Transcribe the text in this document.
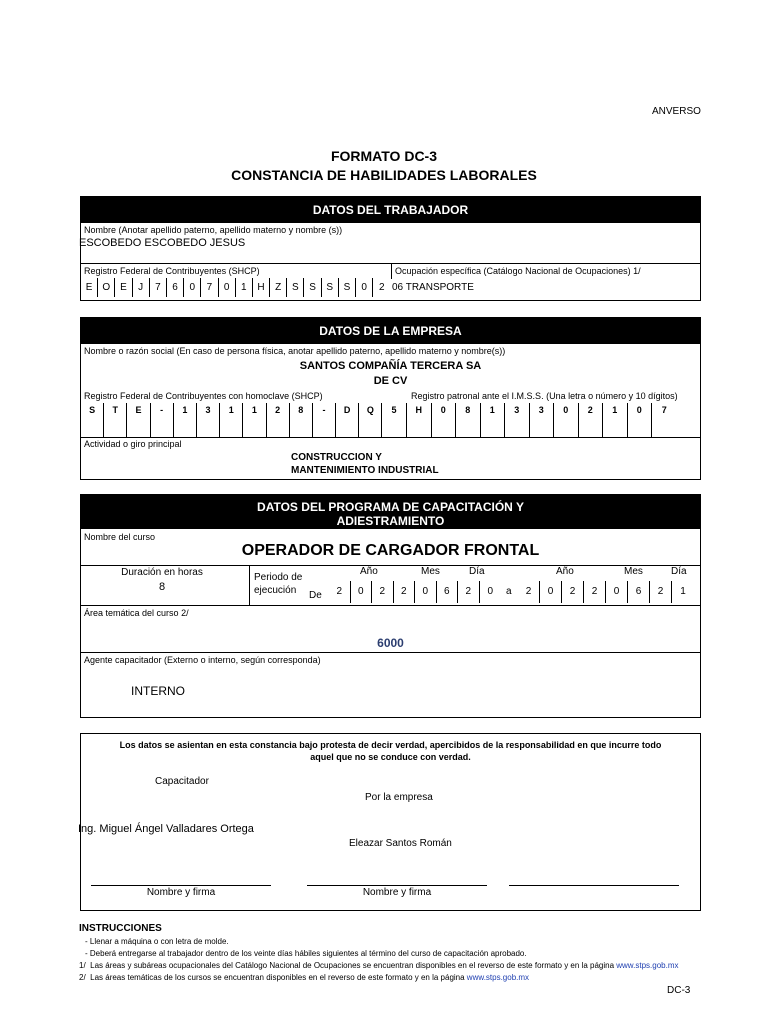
ANVERSO
FORMATO DC-3
CONSTANCIA DE HABILIDADES LABORALES
DATOS DEL TRABAJADOR
Nombre (Anotar apellido paterno, apellido materno y nombre (s))
ESCOBEDO ESCOBEDO JESUS
Registro Federal de Contribuyentes (SHCP)	Ocupación específica (Catálogo Nacional de Ocupaciones) 1/
E O E	J	7	6	0	7	0	1	H	Z	S	S	S	S	0	2 06 TRANSPORTE
DATOS DE LA EMPRESA
Nombre o razón social (En caso de persona física, anotar apellido paterno, apellido materno y nombre(s))
SANTOS COMPAÑÍA TERCERA SA
DE CV
Registro Federal de Contribuyentes con homoclave (SHCP)	Registro patronal ante el I.M.S.S. (Una letra o número y 10 dígitos)
S	T	E	-	1	3	1	1	2	8	-	D	Q	5	H	0	8	1	3	3	0	2	1	0	7
Actividad o giro principal
CONSTRUCCION Y
MANTENIMIENTO INDUSTRIAL
DATOS DEL PROGRAMA DE CAPACITACIÓN Y
ADIESTRAMIENTO
Nombre del curso
OPERADOR DE CARGADOR FRONTAL
Duración en horas
8
Periodo de
ejecución De
Año	Mes	Día
2	0	2	2	0	6	2	0	a
Año	Mes	Día
2	0	2	2	0	6	2	1
Área temática del curso 2/
6000
Agente capacitador (Externo o interno, según corresponda)
INTERNO
Los datos se asientan en esta constancia bajo protesta de decir verdad, apercibidos de la responsabilidad en que incurre todo
aquel que no se conduce con verdad.
Capacitador
Por la empresa
Ing. Miguel Ángel Valladares Ortega
Eleazar Santos Román
Nombre y firma	Nombre y firma
INSTRUCCIONES
- Llenar a máquina o con letra de molde.
- Deberá entregarse al trabajador dentro de los veinte días hábiles siguientes al término del curso de capacitación aprobado.
1/ Las áreas y subáreas ocupacionales del Catálogo Nacional de Ocupaciones se encuentran disponibles en el reverso de este formato y en la página www.stps.gob.mx
2/ Las áreas temáticas de los cursos se encuentran disponibles en el reverso de este formato y en la página www.stps.gob.mx
DC-3
